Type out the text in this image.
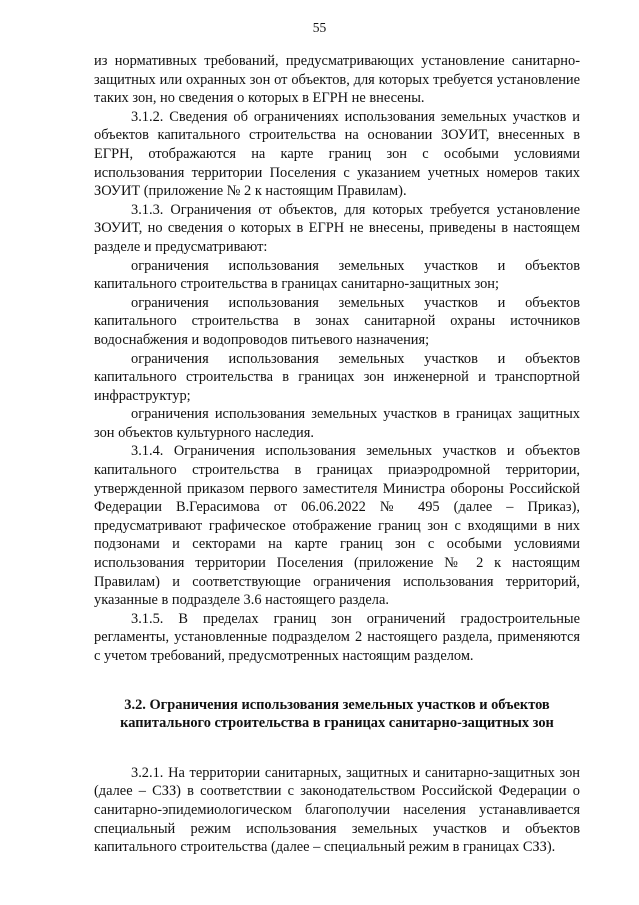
55

из нормативных требований, предусматривающих установление санитарно-защитных или охранных зон от объектов, для которых требуется установление таких зон, но сведения о которых в ЕГРН не внесены.

3.1.2. Сведения об ограничениях использования земельных участков и объектов капитального строительства на основании ЗОУИТ, внесенных в ЕГРН, отображаются на карте границ зон с особыми условиями использования территории Поселения с указанием учетных номеров таких ЗОУИТ (приложение № 2 к настоящим Правилам).

3.1.3. Ограничения от объектов, для которых требуется установление ЗОУИТ, но сведения о которых в ЕГРН не внесены, приведены в настоящем разделе и предусматривают:

ограничения использования земельных участков и объектов капитального строительства в границах санитарно-защитных зон;

ограничения использования земельных участков и объектов капитального строительства в зонах санитарной охраны источников водоснабжения и водопроводов питьевого назначения;

ограничения использования земельных участков и объектов капитального строительства в границах зон инженерной и транспортной инфраструктур;

ограничения использования земельных участков в границах защитных зон объектов культурного наследия.

3.1.4. Ограничения использования земельных участков и объектов капитального строительства в границах приаэродромной территории, утвержденной приказом первого заместителя Министра обороны Российской Федерации В.Герасимова от 06.06.2022 № 495 (далее – Приказ), предусматривают графическое отображение границ зон с входящими в них подзонами и секторами на карте границ зон с особыми условиями использования территории Поселения (приложение № 2 к настоящим Правилам) и соответствующие ограничения использования территорий, указанные в подразделе 3.6 настоящего раздела.

3.1.5. В пределах границ зон ограничений градостроительные регламенты, установленные подразделом 2 настоящего раздела, применяются с учетом требований, предусмотренных настоящим разделом.

3.2. Ограничения использования земельных участков и объектов
капитального строительства в границах санитарно-защитных зон

3.2.1. На территории санитарных, защитных и санитарно-защитных зон (далее – СЗЗ) в соответствии с законодательством Российской Федерации о санитарно-эпидемиологическом благополучии населения устанавливается специальный режим использования земельных участков и объектов капитального строительства (далее – специальный режим в границах СЗЗ).
